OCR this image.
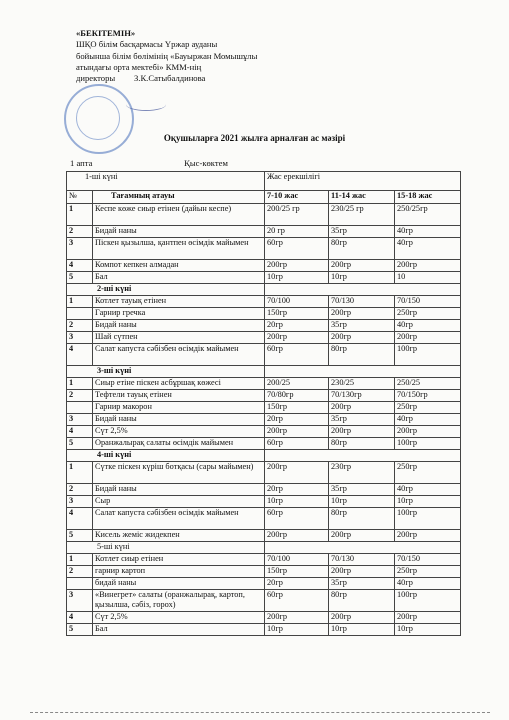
«БЕКІТЕМІН»
ШҚО білім басқармасы Үржар ауданы
бойынша білім бөлімінің «Бауыржан Момышұлы
атындағы орта мектебі» КММ-нің
директоры	З.К.Сатыбалдинова
Оқушыларға 2021 жылға арналған ас мәзірі
1 апта	Қыс-көктем
1-ші күні		Жас ерекшілігі		
№	Тағамның атауы	7-10 жас	11-14 жас	15-18 жас
1	Кеспе көже сиыр етінен (дайын кеспе)	200/25 гр	230/25 гр	250/25гр
2	Бидай наны	20 гр	35гр	40гр
3	Піскен қызылша, қантпен өсімдік майымен	60гр	80гр	40гр
4	Компот кепкен алмадан	200гр	200гр	200гр
5	Бал	10гр	10гр	10
2-ші күні				
1	Котлет тауық етінен	70/100	70/130	70/150
	Гарнир гречка	150гр	200гр	250гр
2	Бидай наны	20гр	35гр	40гр
3	Шай сүтпен	200гр	200гр	200гр
4	Салат капуста сәбізбен өсімдік майымен	60гр	80гр	100гр
3-ші күні				
1	Сиыр етіне піскен асбұршақ көжесі	200/25	230/25	250/25
2	Тефтели тауық етінен	70/80гр	70/130гр	70/150гр
	Гарнир макорон	150гр	200гр	250гр
3	Бидай наны	20гр	35гр	40гр
4	Сүт 2,5%	200гр	200гр	200гр
5	Оранжалырақ салаты өсімдік майымен	60гр	80гр	100гр
4-ші күні				
1	Сүтке піскен күріш ботқасы (сары майымен)	200гр	230гр	250гр
2	Бидай наны	20гр	35гр	40гр
3	Сыр	10гр	10гр	10гр
4	Салат капуста сәбізбен өсімдік майымен	60гр	80гр	100гр
5	Кисель жеміс жидекпен	200гр	200гр	200гр
5-ші күні				
1	Котлет сиыр етінен	70/100	70/130	70/150
2	гарнир картоп	150гр	200гр	250гр
	бидай наны	20гр	35гр	40гр
3	«Винегрет» салаты (оранжалырақ, картоп, қызылша, сәбіз, горох)	60гр	80гр	100гр
4	Сүт 2,5%	200гр	200гр	200гр
5	Бал	10гр	10гр	10гр
